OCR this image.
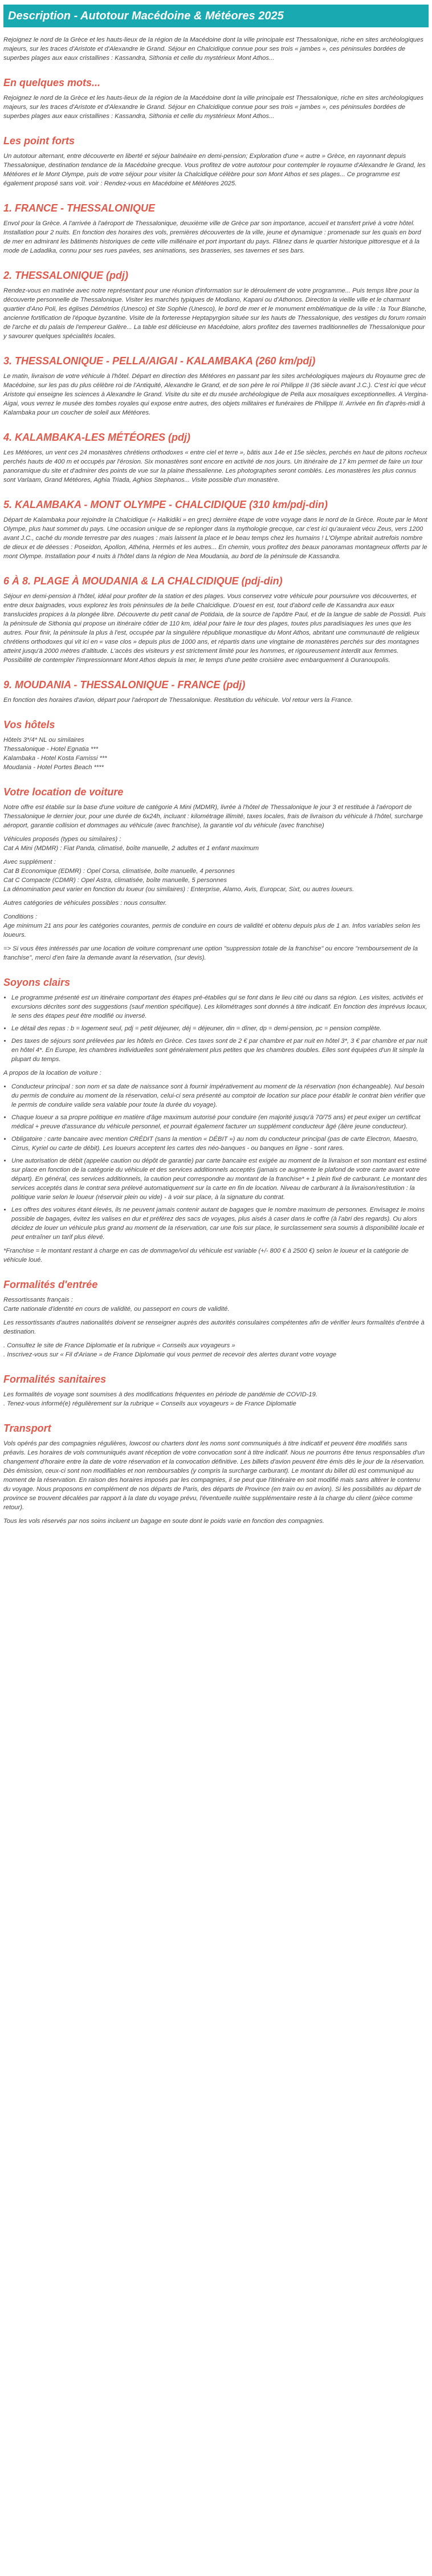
Description - Autotour Macédoine & Météores 2025

Rejoignez le nord de la Grèce et les hauts-lieux de la région de la Macédoine dont la ville principale est Thessalonique, riche en sites archéologiques majeurs, sur les traces d'Aristote et d'Alexandre le Grand. Séjour en Chalcidique connue pour ses trois « jambes », ces péninsules bordées de superbes plages aux eaux cristallines : Kassandra, Sithonia et celle du mystérieux Mont Athos...

En quelques mots...

Rejoignez le nord de la Grèce et les hauts-lieux de la région de la Macédoine dont la ville principale est Thessalonique, riche en sites archéologiques majeurs, sur les traces d'Aristote et d'Alexandre le Grand. Séjour en Chalcidique connue pour ses trois « jambes », ces péninsules bordées de superbes plages aux eaux cristallines : Kassandra, Sithonia et celle du mystérieux Mont Athos...

Les point forts

Un autotour alternant, entre découverte en liberté et séjour balnéaire en demi-pension; Exploration d'une « autre » Grèce, en rayonnant depuis Thessalonique, destination tendance de la Macédoine grecque. Vous profitez de votre autotour pour contempler le royaume d'Alexandre le Grand, les Météores et le Mont Olympe, puis de votre séjour pour visiter la Chalcidique célèbre pour son Mont Athos et ses plages... Ce programme est également proposé sans voit. voir : Rendez-vous en Macédoine et Météores 2025.

1. FRANCE - THESSALONIQUE

Envol pour la Grèce. A l'arrivée à l'aéroport de Thessalonique, deuxième ville de Grèce par son importance, accueil et transfert privé à votre hôtel. Installation pour 2 nuits. En fonction des horaires des vols, premières découvertes de la ville, jeune et dynamique : promenade sur les quais en bord de mer en admirant les bâtiments historiques de cette ville millénaire et port important du pays. Flânez dans le quartier historique pittoresque et à la mode de Ladadika, connu pour ses rues pavées, ses animations, ses brasseries, ses tavernes et ses bars.

2. THESSALONIQUE (pdj)

Rendez-vous en matinée avec notre représentant pour une réunion d'information sur le déroulement de votre programme... Puis temps libre pour la découverte personnelle de Thessalonique. Visiter les marchés typiques de Modiano, Kapani ou d'Athonos. Direction la vieille ville et le charmant quartier d'Ano Poli, les églises Démétrios (Unesco) et Ste Sophie (Unesco), le bord de mer et le monument emblématique de la ville : la Tour Blanche, ancienne fortification de l'époque byzantine. Visite de la forteresse Heptapyrgion située sur les hauts de Thessalonique, des vestiges du forum romain de l'arche et du palais de l'empereur Galère... La table est délicieuse en Macédoine, alors profitez des tavernes traditionnelles de Thessalonique pour y savourer quelques spécialités locales.

3. THESSALONIQUE - PELLA/AIGAI - KALAMBAKA (260 km/pdj)

Le matin, livraison de votre véhicule à l'hôtel. Départ en direction des Météores en passant par les sites archéologiques majeurs du Royaume grec de Macédoine, sur les pas du plus célèbre roi de l'Antiquité, Alexandre le Grand, et de son père le roi Philippe II (36 siècle avant J.C.). C'est ici que vécut Aristote qui enseigne les sciences à Alexandre le Grand. Visite du site et du musée archéologique de Pella aux mosaïques exceptionnelles. A Vergina-Aigai, vous verrez le musée des tombes royales qui expose entre autres, des objets militaires et funéraires de Philippe II. Arrivée en fin d'après-midi à Kalambaka pour un coucher de soleil aux Météores.

4. KALAMBAKA-LES MÉTÉORES (pdj)

Les Météores, un vent ces 24 monastères chrétiens orthodoxes « entre ciel et terre », bâtis aux 14e et 15e siècles, perchés en haut de pitons rocheux perchés hauts de 400 m et occupés par l'érosion. Six monastères sont encore en activité de nos jours. Un itinéraire de 17 km permet de faire un tour panoramique du site et d'admirer des points de vue sur la plaine thessalienne. Les photographes seront comblés. Les monastères les plus connus sont Varlaam, Grand Météores, Aghia Triada, Aghios Stephanos... Visite possible d'un monastère.

5. KALAMBAKA - MONT OLYMPE - CHALCIDIQUE (310 km/pdj-din)

Départ de Kalambaka pour rejoindre la Chalcidique (« Halkidiki » en grec) dernière étape de votre voyage dans le nord de la Grèce. Route par le Mont Olympe, plus haut sommet du pays. Une occasion unique de se replonger dans la mythologie grecque, car c'est ici qu'auraient vécu Zeus, vers 1200 avant J.C., caché du monde terrestre par des nuages : mais laissent la place et le beau temps chez les humains ! L'Olympe abritait autrefois nombre de dieux et de déesses : Poseidon, Apollon, Athéna, Hermès et les autres... En chemin, vous profitez des beaux panoramas montagneux offerts par le mont Olympe. Installation pour 4 nuits à l'hôtel dans la région de Nea Moudania, au bord de la péninsule de Kassandra.

6 À 8. PLAGE À MOUDANIA & LA CHALCIDIQUE (pdj-din)

Séjour en demi-pension à l'hôtel, idéal pour profiter de la station et des plages. Vous conservez votre véhicule pour poursuivre vos découvertes, et entre deux baignades, vous explorez les trois péninsules de la belle Chalcidique. D'ouest en est, tout d'abord celle de Kassandra aux eaux translucides propices à la plongée libre. Découverte du petit canal de Potidaia, de la source de l'apôtre Paul, et de la langue de sable de Possidi. Puis la péninsule de Sithonia qui propose un itinéraire côtier de 110 km, idéal pour faire le tour des plages, toutes plus paradisiaques les unes que les autres. Pour finir, la péninsule la plus à l'est, occupée par la singulière république monastique du Mont Athos, abritant une communauté de religieux chrétiens orthodoxes qui vit ici en « vase clos » depuis plus de 1000 ans, et répartis dans une vingtaine de monastères perchés sur des montagnes atteint jusqu'à 2000 mètres d'altitude. L'accès des visiteurs y est strictement limité pour les hommes, et rigoureusement interdit aux femmes. Possibilité de contempler l'impressionnant Mont Athos depuis la mer, le temps d'une petite croisière avec embarquement à Ouranoupolis.

9. MOUDANIA - THESSALONIQUE - FRANCE (pdj)

En fonction des horaires d'avion, départ pour l'aéroport de Thessalonique. Restitution du véhicule. Vol retour vers la France.

Vos hôtels

Hôtels 3*/4* NL ou similaires
Thessalonique - Hotel Egnatia ***
Kalambaka - Hotel Kosta Famissi ***
Moudania - Hotel Portes Beach ****

Votre location de voiture

Notre offre est établie sur la base d'une voiture de catégorie A Mini (MDMR), livrée à l'hôtel de Thessalonique le jour 3 et restituée à l'aéroport de Thessalonique le dernier jour, pour une durée de 6x24h, incluant : kilométrage illimité, taxes locales, frais de livraison du véhicule à l'hôtel, surcharge aéroport, garantie collision et dommages au véhicule (avec franchise), la garantie vol du véhicule (avec franchise)

Véhicules proposés (types ou similaires) :
Cat A Mini (MDMR) : Fiat Panda, climatisé, boîte manuelle, 2 adultes et 1 enfant maximum

Avec supplément :
Cat B Economique (EDMR) : Opel Corsa, climatisée, boîte manuelle, 4 personnes
Cat C Compacte (CDMR) : Opel Astra, climatisée, boîte manuelle, 5 personnes
La dénomination peut varier en fonction du loueur (ou similaires) : Enterprise, Alamo, Avis, Europcar, Sixt, ou autres loueurs.

Autres catégories de véhicules possibles : nous consulter.

Conditions :
Age minimum 21 ans pour les catégories courantes, permis de conduire en cours de validité et obtenu depuis plus de 1 an. Infos variables selon les loueurs.

=> Si vous êtes intéressés par une location de voiture comprenant une option "suppression totale de la franchise" ou encore "remboursement de la franchise", merci d'en faire la demande avant la réservation, (sur devis).

Soyons clairs
• Le programme présenté est un itinéraire comportant des étapes pré-établies qui se font dans le lieu cité ou dans sa région. Les visites, activités et excursions décrites sont des suggestions (sauf mention spécifique). Les kilométrages sont donnés à titre indicatif. En fonction des imprévus locaux, le sens des étapes peut être modifié ou inversé.
• Le détail des repas : b = logement seul, pdj = petit déjeuner, déj = déjeuner, din = dîner, dp = demi-pension, pc = pension complète.
• Des taxes de séjours sont prélevées par les hôtels en Grèce. Ces taxes sont de 2 € par chambre et par nuit en hôtel 3*, 3 € par chambre et par nuit en hôtel 4*. En Europe, les chambres individuelles sont généralement plus petites que les chambres doubles. Elles sont équipées d'un lit simple la plupart du temps.

A propos de la location de voiture :

• Conducteur principal : son nom et sa date de naissance sont à fournir impérativement au moment de la réservation (non échangeable). Nul besoin du permis de conduire au moment de la réservation, celui-ci sera présenté au comptoir de location sur place pour établir le contrat bien vérifier que le permis de conduire valide sera valable pour toute la durée du voyage).
• Chaque loueur a sa propre politique en matière d'âge maximum autorisé pour conduire (en majorité jusqu'à 70/75 ans) et peut exiger un certificat médical + preuve d'assurance du véhicule personnel, et pourrait également facturer un supplément conducteur âgé (âère jeune conducteur).
• Obligatoire : carte bancaire avec mention CRÉDIT (sans la mention « DÉBIT ») au nom du conducteur principal (pas de carte Electron, Maestro, Cirrus, Kyriel ou carte de débit). Les loueurs acceptent les cartes des néo-banques - ou banques en ligne - sont rares.
• Une autorisation de débit (appelée caution ou dépôt de garantie) par carte bancaire est exigée au moment de la livraison et son montant est estimé sur place en fonction de la catégorie du véhicule et des services additionnels acceptés (jamais ce augmente le plafond de votre carte avant votre départ). En général, ces services additionnels, la caution peut correspondre au montant de la franchise* + 1 plein fixé de carburant. Le montant des services acceptés dans le contrat sera prélevé automatiquement sur la carte en fin de location. Niveau de carburant à la livraison/restitution : la politique varie selon le loueur (réservoir plein ou vide) - à voir sur place, à la signature du contrat.
• Les offres des voitures étant élevés, ils ne peuvent jamais contenir autant de bagages que le nombre maximum de personnes. Envisagez le moins possible de bagages, évitez les valises en dur et préférez des sacs de voyages, plus aisés à caser dans le coffre (à l'abri des regards). Ou alors décidez de louer un véhicule plus grand au moment de la réservation, car une fois sur place, le surclassement sera soumis à disponibilité locale et peut entraîner un tarif plus élevé.

*Franchise = le montant restant à charge en cas de dommage/vol du véhicule est variable (+/- 800 € à 2500 €) selon le loueur et la catégorie de véhicule loué.

Formalités d'entrée

Ressortissants français :
Carte nationale d'identité en cours de validité, ou passeport en cours de validité.

Les ressortissants d'autres nationalités doivent se renseigner auprès des autorités consulaires compétentes afin de vérifier leurs formalités d'entrée à destination.

. Consultez le site de France Diplomatie et la rubrique « Conseils aux voyageurs »
. Inscrivez-vous sur « Fil d'Ariane » de France Diplomatie qui vous permet de recevoir des alertes durant votre voyage

Formalités sanitaires

Les formalités de voyage sont soumises à des modifications fréquentes en période de pandémie de COVID-19.
. Tenez-vous informé(e) régulièrement sur la rubrique « Conseils aux voyageurs » de France Diplomatie

Transport

Vols opérés par des compagnies régulières, lowcost ou charters dont les noms sont communiqués à titre indicatif et peuvent être modifiés sans préavis. Les horaires de vols communiqués avant réception de votre convocation sont à titre indicatif. Nous ne pourrons être tenus responsables d'un changement d'horaire entre la date de votre réservation et la convocation définitive. Les billets d'avion peuvent être émis dès le jour de la réservation. Dès émission, ceux-ci sont non modifiables et non remboursables (y compris la surcharge carburant). Le montant du billet dû est communiqué au moment de la réservation. En raison des horaires imposés par les compagnies, il se peut que l'itinéraire en soit modifié mais sans altérer le contenu du voyage. Nous proposons en complément de nos départs de Paris, des départs de Province (en train ou en avion). Si les possibilités au départ de province se trouvent décalées par rapport à la date du voyage prévu, l'éventuelle nuitée supplémentaire reste à la charge du client (pièce comme retour).

Tous les vols réservés par nos soins incluent un bagage en soute dont le poids varie en fonction des compagnies.
